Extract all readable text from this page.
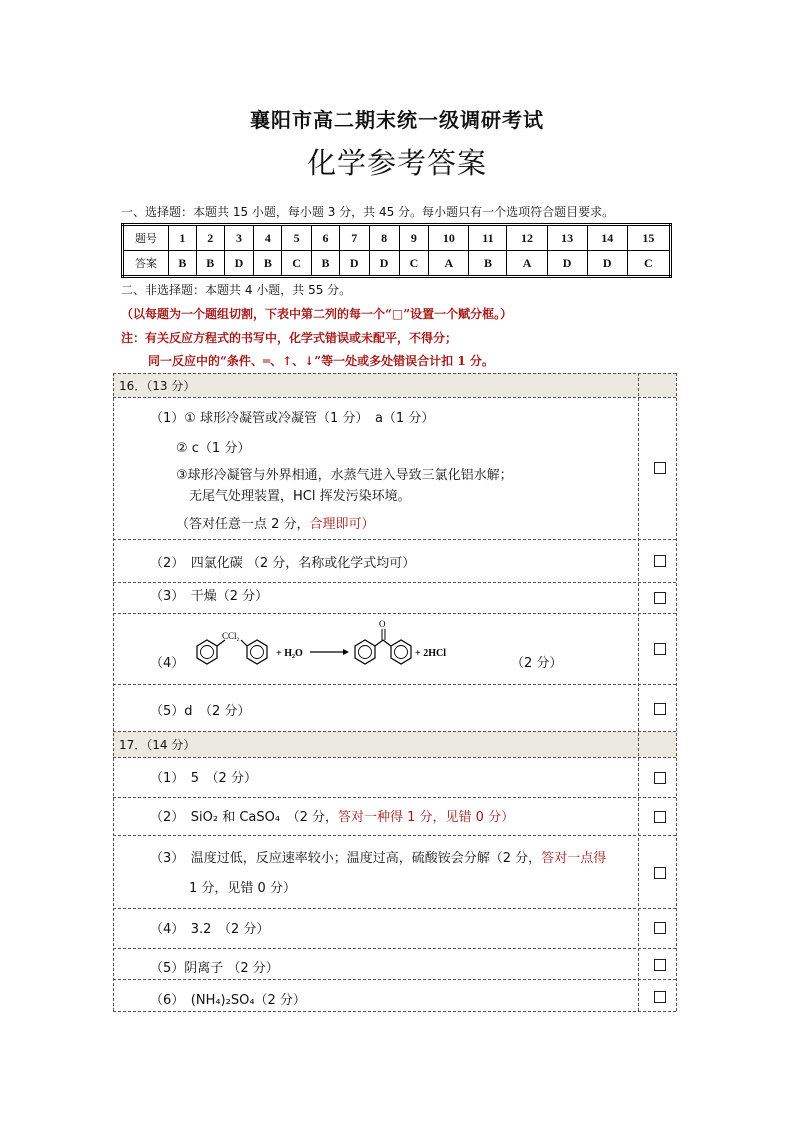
襄阳市高二期末统一级调研考试
化学参考答案
一、选择题：本题共 15 小题，每小题 3 分，共 45 分。每小题只有一个选项符合题目要求。
题号	1	2	3	4	5	6	7	8	9	10	11	12	13	14	15
答案	B	B	D	B	C	B	D	D	C	A	B	A	D	D	C
二、非选择题：本题共 4 小题，共 55 分。
（以每题为一个题组切割，下表中第二列的每一个“□”设置一个赋分框。）
注：有关反应方程式的书写中，化学式错误或未配平，不得分；
同一反应中的“条件、═、↑、↓”等一处或多处错误合计扣 1 分。
16．（13 分）
（1）① 球形冷凝管或冷凝管（1 分）　a（1 分）
② c（1 分）
③球形冷凝管与外界相通，水蒸气进入导致三氯化铝水解；
无尾气处理装置，HCl 挥发污染环境。
（答对任意一点 2 分，合理即可）
（2）　四氯化碳 （2 分，名称或化学式均可）
（3）　干燥（2 分）
（4）
CCl₂
+ H₂O
O
+ 2HCl
（2 分）
（5）d　（2 分）
17．（14 分）
（1）　5　（2 分）
（2）　SiO₂ 和 CaSO₄　（2 分，答对一种得 1 分，见错 0 分）
（3）　温度过低，反应速率较小；温度过高，硫酸铵会分解（2 分，答对一点得
1 分，见错 0 分）
（4）　3.2　（2 分）
（5）阴离子 （2 分）
（6）　(NH₄)₂SO₄（2 分）
